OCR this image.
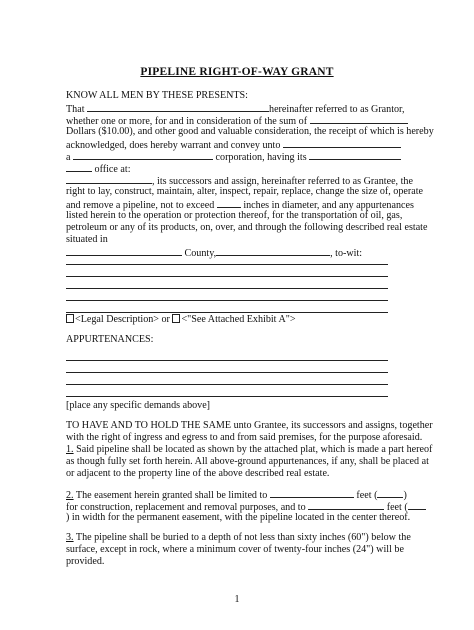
PIPELINE RIGHT-OF-WAY GRANT
KNOW ALL MEN BY THESE PRESENTS:
That	hereinafter referred to as Grantor,
whether one or more, for and in consideration of the sum of
Dollars ($10.00), and other good and valuable consideration, the receipt of which is hereby
acknowledged, does hereby warrant and convey unto
a	corporation, having its
office at:
, its successors and assign, hereinafter referred to as Grantee, the
right to lay, construct, maintain, alter, inspect, repair, replace, change the size of, operate
and remove a pipeline, not to exceed	inches in diameter, and any appurtenances
listed herein to the operation or protection thereof, for the transportation of oil, gas,
petroleum or any of its products, on, over, and through the following described real estate
situated in
County,	, to-wit:
<Legal Description> or <"See Attached Exhibit A">
APPURTENANCES:
[place any specific demands above]
TO HAVE AND TO HOLD THE SAME unto Grantee, its successors and assigns, together
with the right of ingress and egress to and from said premises, for the purpose aforesaid.
1. Said pipeline shall be located as shown by the attached plat, which is made a part hereof
as though fully set forth herein. All above-ground appurtenances, if any, shall be placed at
or adjacent to the property line of the above described real estate.
2. The easement herein granted shall be limited to	feet (	)
for construction, replacement and removal purposes, and to	feet (
) in width for the permanent easement, with the pipeline located in the center thereof.
3. The pipeline shall be buried to a depth of not less than sixty inches (60") below the
surface, except in rock, where a minimum cover of twenty-four inches (24") will be
provided.
1
